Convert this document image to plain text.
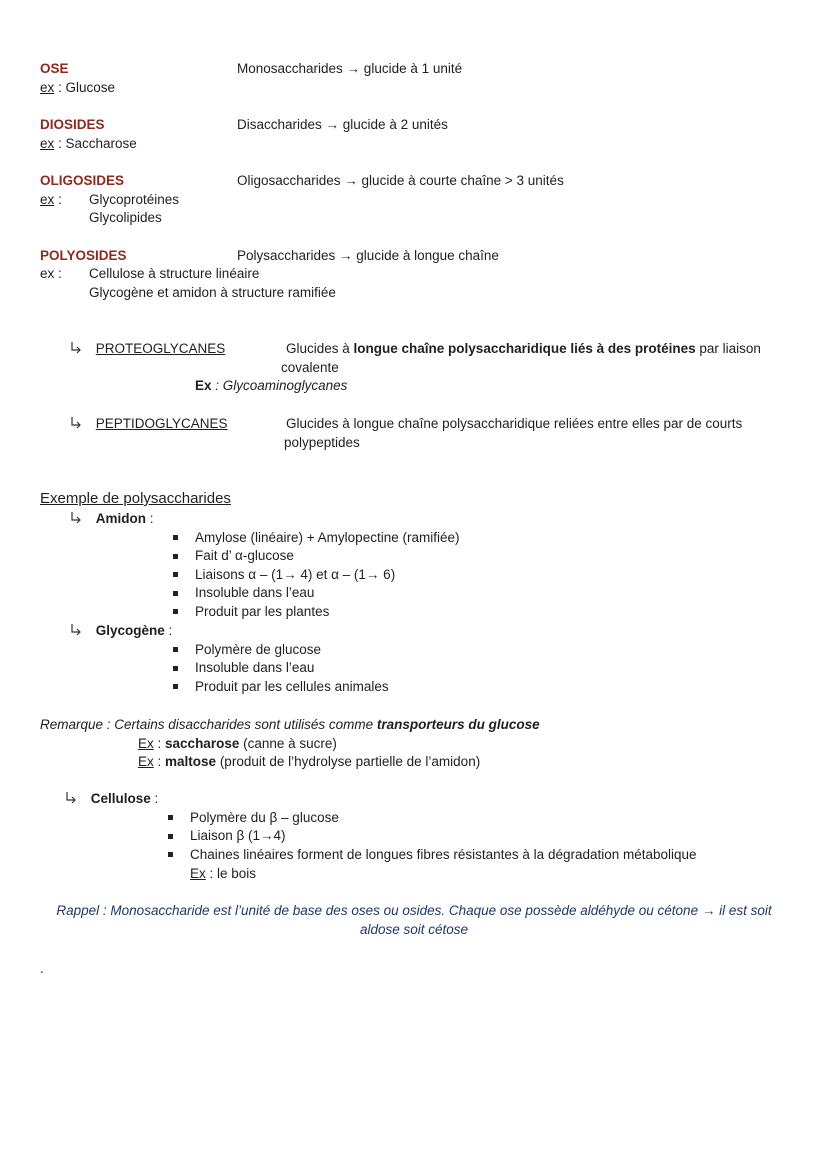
OSE	Monosaccharides → glucide à 1 unité
ex : Glucose
DIOSIDES	Disaccharides → glucide à 2 unités
ex : Saccharose
OLIGOSIDES	Oligosaccharides → glucide à courte chaîne > 3 unités
ex : Glycoprotéines
Glycolipides
POLYOSIDES	Polysaccharides → glucide à longue chaîne
ex : Cellulose à structure linéaire
Glycogène et amidon à structure ramifiée
PROTEOGLYCANES	Glucides à longue chaîne polysaccharidique liés à des protéines par liaison
covalente
Ex : Glycoaminoglycanes
PEPTIDOGLYCANES	Glucides à longue chaîne polysaccharidique reliées entre elles par de courts
polypeptides
Exemple de polysaccharides
Amidon :
Amylose (linéaire) + Amylopectine (ramifiée)
Fait d’ α-glucose
Liaisons α – (1→ 4) et α – (1→ 6)
Insoluble dans l’eau
Produit par les plantes
Glycogène :
Polymère de glucose
Insoluble dans l’eau
Produit par les cellules animales
Remarque : Certains disaccharides sont utilisés comme transporteurs du glucose
Ex : saccharose (canne à sucre)
Ex : maltose (produit de l’hydrolyse partielle de l’amidon)
Cellulose :
Polymère du β – glucose
Liaison β (1→4)
Chaines linéaires forment de longues fibres résistantes à la dégradation métabolique
Ex : le bois
Rappel : Monosaccharide est l’unité de base des oses ou osides. Chaque ose possède aldéhyde ou cétone → il est soit
aldose soit cétose
.
